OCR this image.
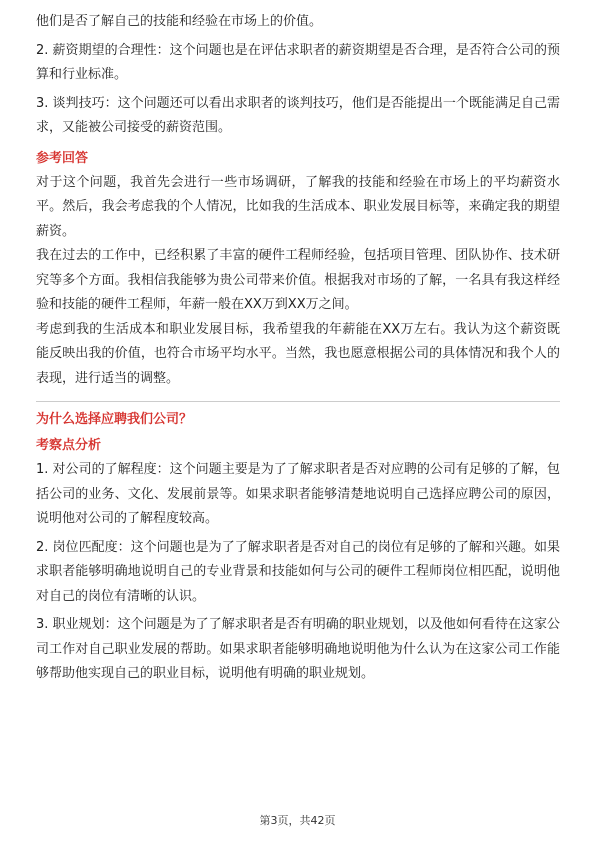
他们是否了解自己的技能和经验在市场上的价值。

2. 薪资期望的合理性：这个问题也是在评估求职者的薪资期望是否合理，是否符合公司的预算和行业标准。

3. 谈判技巧：这个问题还可以看出求职者的谈判技巧，他们是否能提出一个既能满足自己需求，又能被公司接受的薪资范围。

参考回答

对于这个问题，我首先会进行一些市场调研，了解我的技能和经验在市场上的平均薪资水平。然后，我会考虑我的个人情况，比如我的生活成本、职业发展目标等，来确定我的期望薪资。

我在过去的工作中，已经积累了丰富的硬件工程师经验，包括项目管理、团队协作、技术研究等多个方面。我相信我能够为贵公司带来价值。根据我对市场的了解，一名具有我这样经验和技能的硬件工程师，年薪一般在XX万到XX万之间。

考虑到我的生活成本和职业发展目标，我希望我的年薪能在XX万左右。我认为这个薪资既能反映出我的价值，也符合市场平均水平。当然，我也愿意根据公司的具体情况和我个人的表现，进行适当的调整。

为什么选择应聘我们公司？
考察点分析

1. 对公司的了解程度：这个问题主要是为了了解求职者是否对应聘的公司有足够的了解，包括公司的业务、文化、发展前景等。如果求职者能够清楚地说明自己选择应聘公司的原因，说明他对公司的了解程度较高。

2. 岗位匹配度：这个问题也是为了了解求职者是否对自己的岗位有足够的了解和兴趣。如果求职者能够明确地说明自己的专业背景和技能如何与公司的硬件工程师岗位相匹配，说明他对自己的岗位有清晰的认识。

3. 职业规划：这个问题是为了了解求职者是否有明确的职业规划，以及他如何看待在这家公司工作对自己职业发展的帮助。如果求职者能够明确地说明他为什么认为在这家公司工作能够帮助他实现自己的职业目标，说明他有明确的职业规划。

第3页，共42页
